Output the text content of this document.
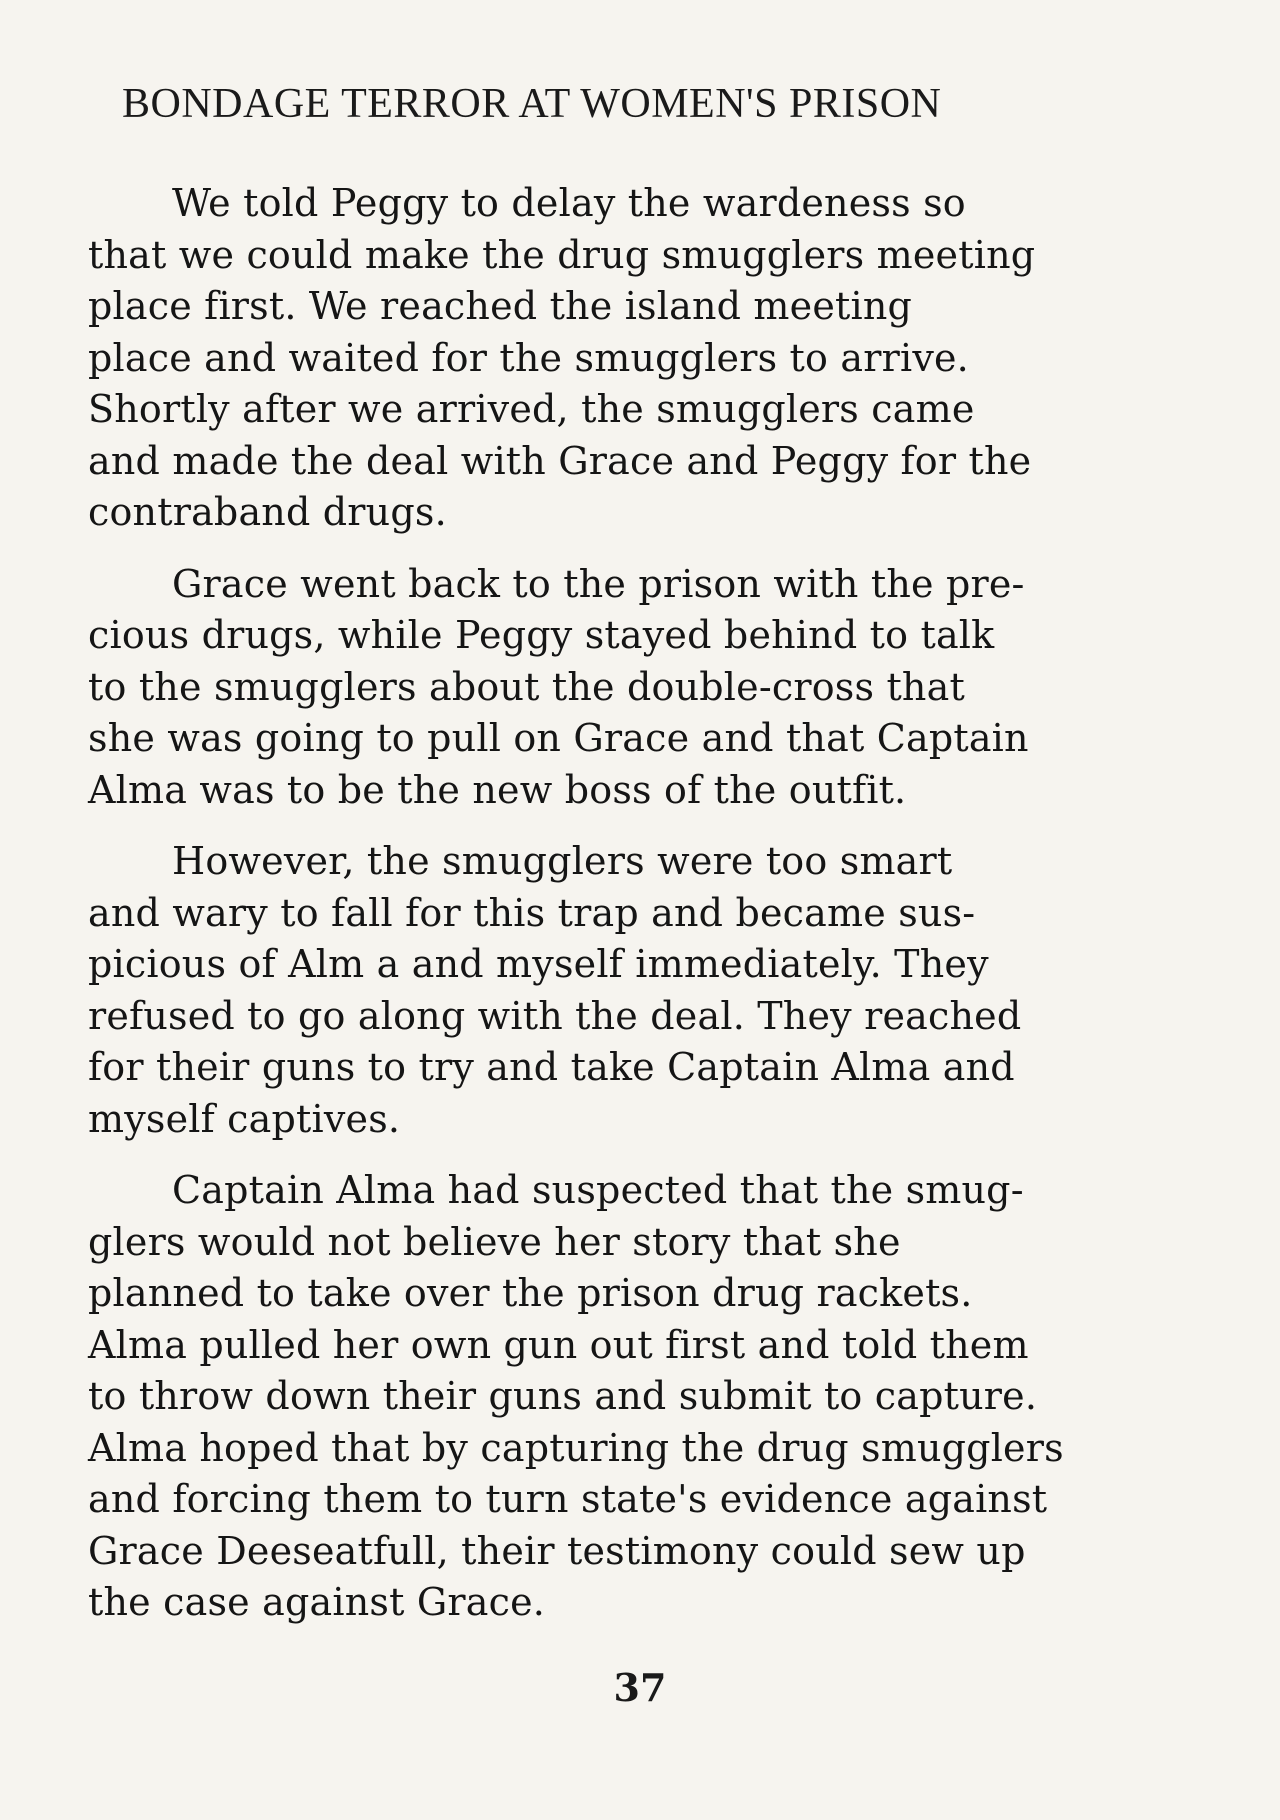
BONDAGE TERROR AT WOMEN'S PRISON
We told Peggy to delay the wardeness so
that we could make the drug smugglers meeting
place first. We reached the island meeting
place and waited for the smugglers to arrive.
Shortly after we arrived, the smugglers came
and made the deal with Grace and Peggy for the
contraband drugs.
Grace went back to the prison with the pre-
cious drugs, while Peggy stayed behind to talk
to the smugglers about the double-cross that
she was going to pull on Grace and that Captain
Alma was to be the new boss of the outfit.
However, the smugglers were too smart
and wary to fall for this trap and became sus-
picious of Alm a and myself immediately. They
refused to go along with the deal. They reached
for their guns to try and take Captain Alma and
myself captives.
Captain Alma had suspected that the smug-
glers would not believe her story that she
planned to take over the prison drug rackets.
Alma pulled her own gun out first and told them
to throw down their guns and submit to capture.
Alma hoped that by capturing the drug smugglers
and forcing them to turn state's evidence against
Grace Deeseatfull, their testimony could sew up
the case against Grace.
37
